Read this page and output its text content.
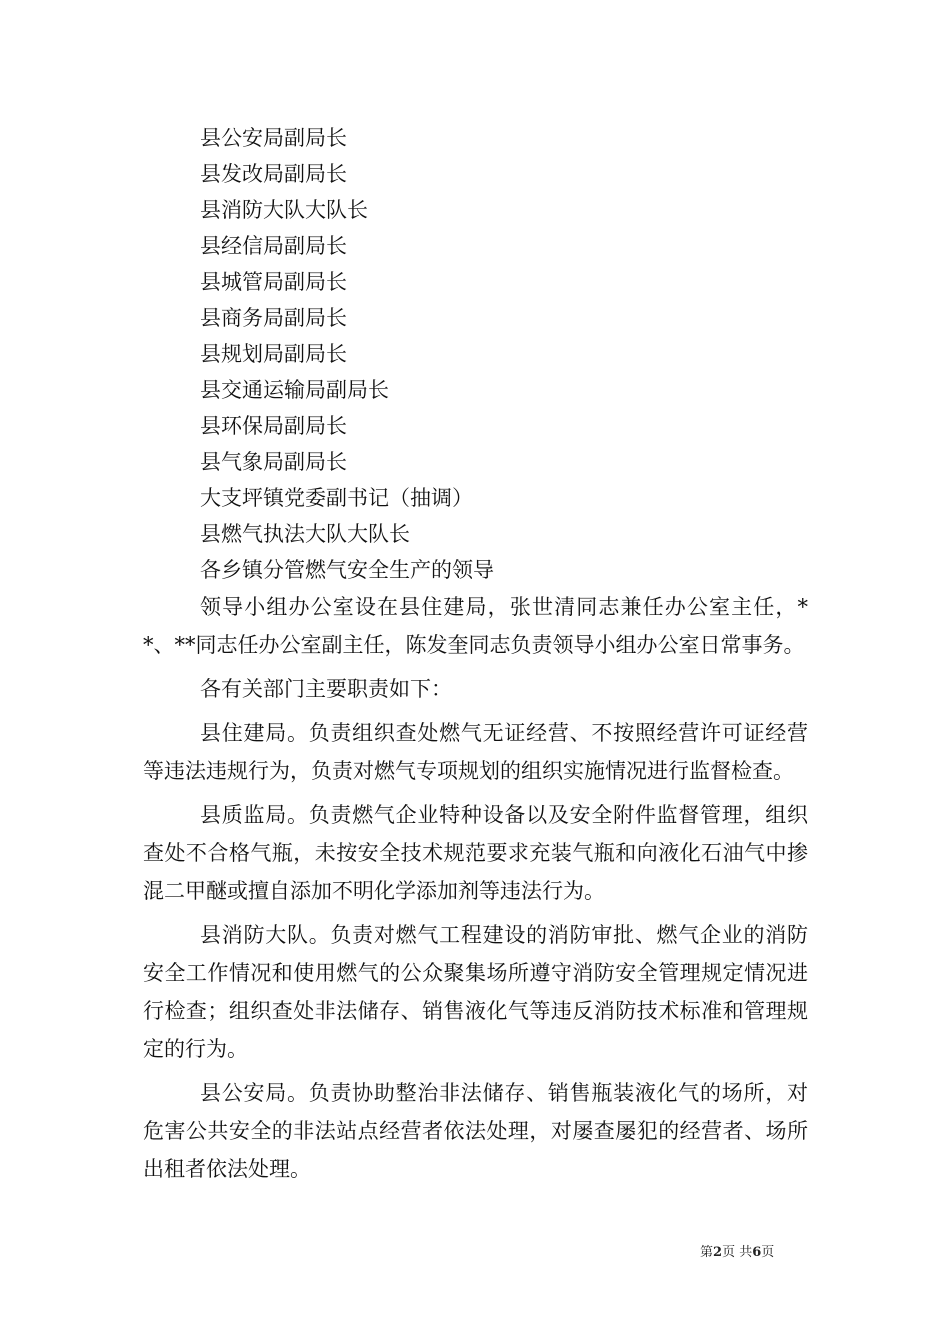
县公安局副局长
县发改局副局长
县消防大队大队长
县经信局副局长
县城管局副局长
县商务局副局长
县规划局副局长
县交通运输局副局长
县环保局副局长
县气象局副局长
大支坪镇党委副书记（抽调）
县燃气执法大队大队长
各乡镇分管燃气安全生产的领导

领导小组办公室设在县住建局，张世清同志兼任办公室主任，**、**同志任办公室副主任，陈发奎同志负责领导小组办公室日常事务。

各有关部门主要职责如下：

县住建局。负责组织查处燃气无证经营、不按照经营许可证经营等违法违规行为，负责对燃气专项规划的组织实施情况进行监督检查。

县质监局。负责燃气企业特种设备以及安全附件监督管理，组织查处不合格气瓶，未按安全技术规范要求充装气瓶和向液化石油气中掺混二甲醚或擅自添加不明化学添加剂等违法行为。

县消防大队。负责对燃气工程建设的消防审批、燃气企业的消防安全工作情况和使用燃气的公众聚集场所遵守消防安全管理规定情况进行检查；组织查处非法储存、销售液化气等违反消防技术标准和管理规定的行为。

县公安局。负责协助整治非法储存、销售瓶装液化气的场所，对危害公共安全的非法站点经营者依法处理，对屡查屡犯的经营者、场所出租者依法处理。

第2页 共6页
